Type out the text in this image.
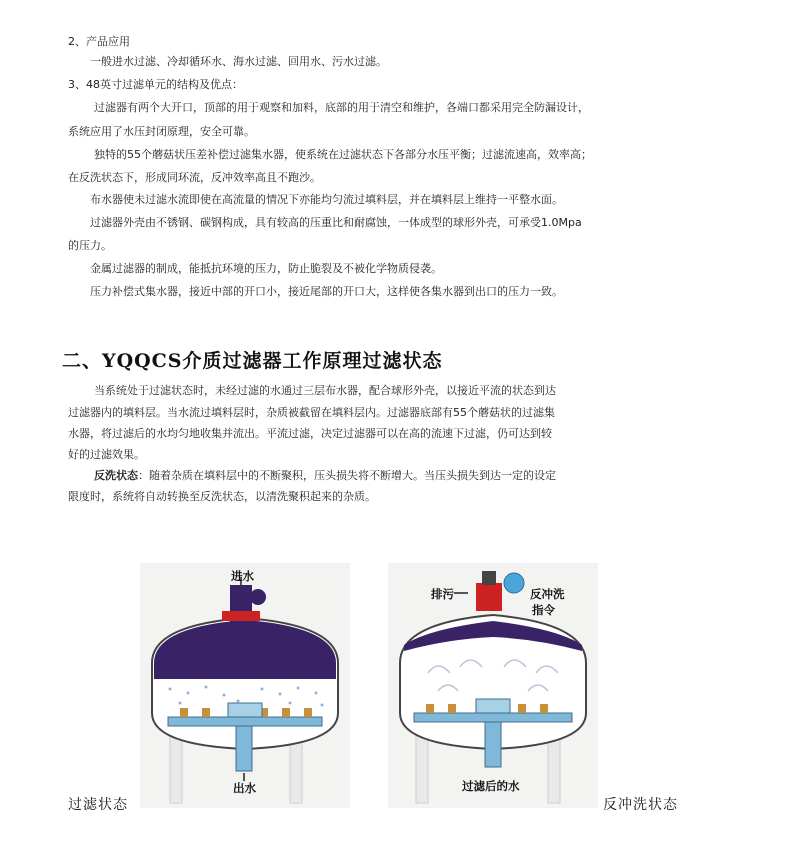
2、产品应用
一般进水过滤、冷却循环水、海水过滤、回用水、污水过滤。
3、48英寸过滤单元的结构及优点：
过滤器有两个大开口，顶部的用于观察和加料，底部的用于清空和维护，各端口都采用完全防漏设计，
系统应用了水压封闭原理，安全可靠。
独特的55个蘑菇状压差补偿过滤集水器，使系统在过滤状态下各部分水压平衡；过滤流速高，效率高；
在反洗状态下，形成同环流，反冲效率高且不跑沙。
布水器使未过滤水流即使在高流量的情况下亦能均匀流过填料层，并在填料层上维持一平整水面。
过滤器外壳由不锈钢、碳钢构成，具有较高的压重比和耐腐蚀，一体成型的球形外壳，可承受1.0Mpa
的压力。
金属过滤器的制成，能抵抗环境的压力，防止脆裂及不被化学物质侵袭。
压力补偿式集水器，接近中部的开口小，接近尾部的开口大，这样使各集水器到出口的压力一致。
二、YQQCS介质过滤器工作原理过滤状态
当系统处于过滤状态时，未经过滤的水通过三层布水器，配合球形外壳，以接近平流的状态到达
过滤器内的填料层。当水流过填料层时，杂质被截留在填料层内。过滤器底部有55个蘑菇状的过滤集
水器，将过滤后的水均匀地收集并流出。平流过滤，决定过滤器可以在高的流速下过滤，仍可达到较
好的过滤效果。
反洗状态：随着杂质在填料层中的不断聚积，压头损失将不断增大。当压头损失到达一定的设定
限度时，系统将自动转换至反洗状态，以清洗聚积起来的杂质。
进水
出水
过滤状态
排污	反冲洗
指令
过滤后的水
反冲洗状态
